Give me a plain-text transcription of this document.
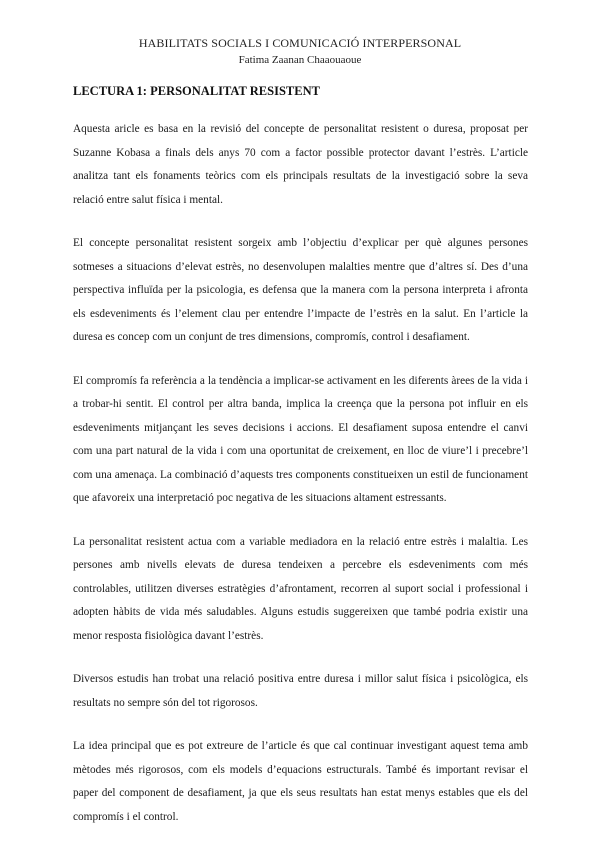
HABILITATS SOCIALS I COMUNICACIÓ INTERPERSONAL
Fatima Zaanan Chaaouaoue
LECTURA 1: PERSONALITAT RESISTENT

Aquesta aricle es basa en la revisió del concepte de personalitat resistent o duresa, proposat per Suzanne Kobasa a finals dels anys 70 com a factor possible protector davant l’estrès. L’article analitza tant els fonaments teòrics com els principals resultats de la investigació sobre la seva relació entre salut física i mental.

El concepte personalitat resistent sorgeix amb l’objectiu d’explicar per què algunes persones sotmeses a situacions d’elevat estrès, no desenvolupen malalties mentre que d’altres sí. Des d’una perspectiva influïda per la psicologia, es defensa que la manera com la persona interpreta i afronta els esdeveniments és l’element clau per entendre l’impacte de l’estrès en la salut. En l’article la duresa es concep com un conjunt de tres dimensions, compromís, control i desafiament.

El compromís fa referència a la tendència a implicar-se activament en les diferents àrees de la vida i a trobar-hi sentit. El control per altra banda, implica la creença que la persona pot influir en els esdeveniments mitjançant les seves decisions i accions. El desafiament suposa entendre el canvi com una part natural de la vida i com una oportunitat de creixement, en lloc de viure’l i precebre’l com una amenaça. La combinació d’aquests tres components constitueixen un estil de funcionament que afavoreix una interpretació poc negativa de les situacions altament estressants.

La personalitat resistent actua com a variable mediadora en la relació entre estrès i malaltia. Les persones amb nivells elevats de duresa tendeixen a percebre els esdeveniments com més controlables, utilitzen diverses estratègies d’afrontament, recorren al suport social i professional i adopten hàbits de vida més saludables. Alguns estudis suggereixen que també podria existir una menor resposta fisiològica davant l’estrès.

Diversos estudis han trobat una relació positiva entre duresa i millor salut física i psicològica, els resultats no sempre són del tot rigorosos.

La idea principal que es pot extreure de l’article és que cal continuar investigant aquest tema amb mètodes més rigorosos, com els models d’equacions estructurals. També és important revisar el paper del component de desafiament, ja que els seus resultats han estat menys estables que els del compromís i el control.
